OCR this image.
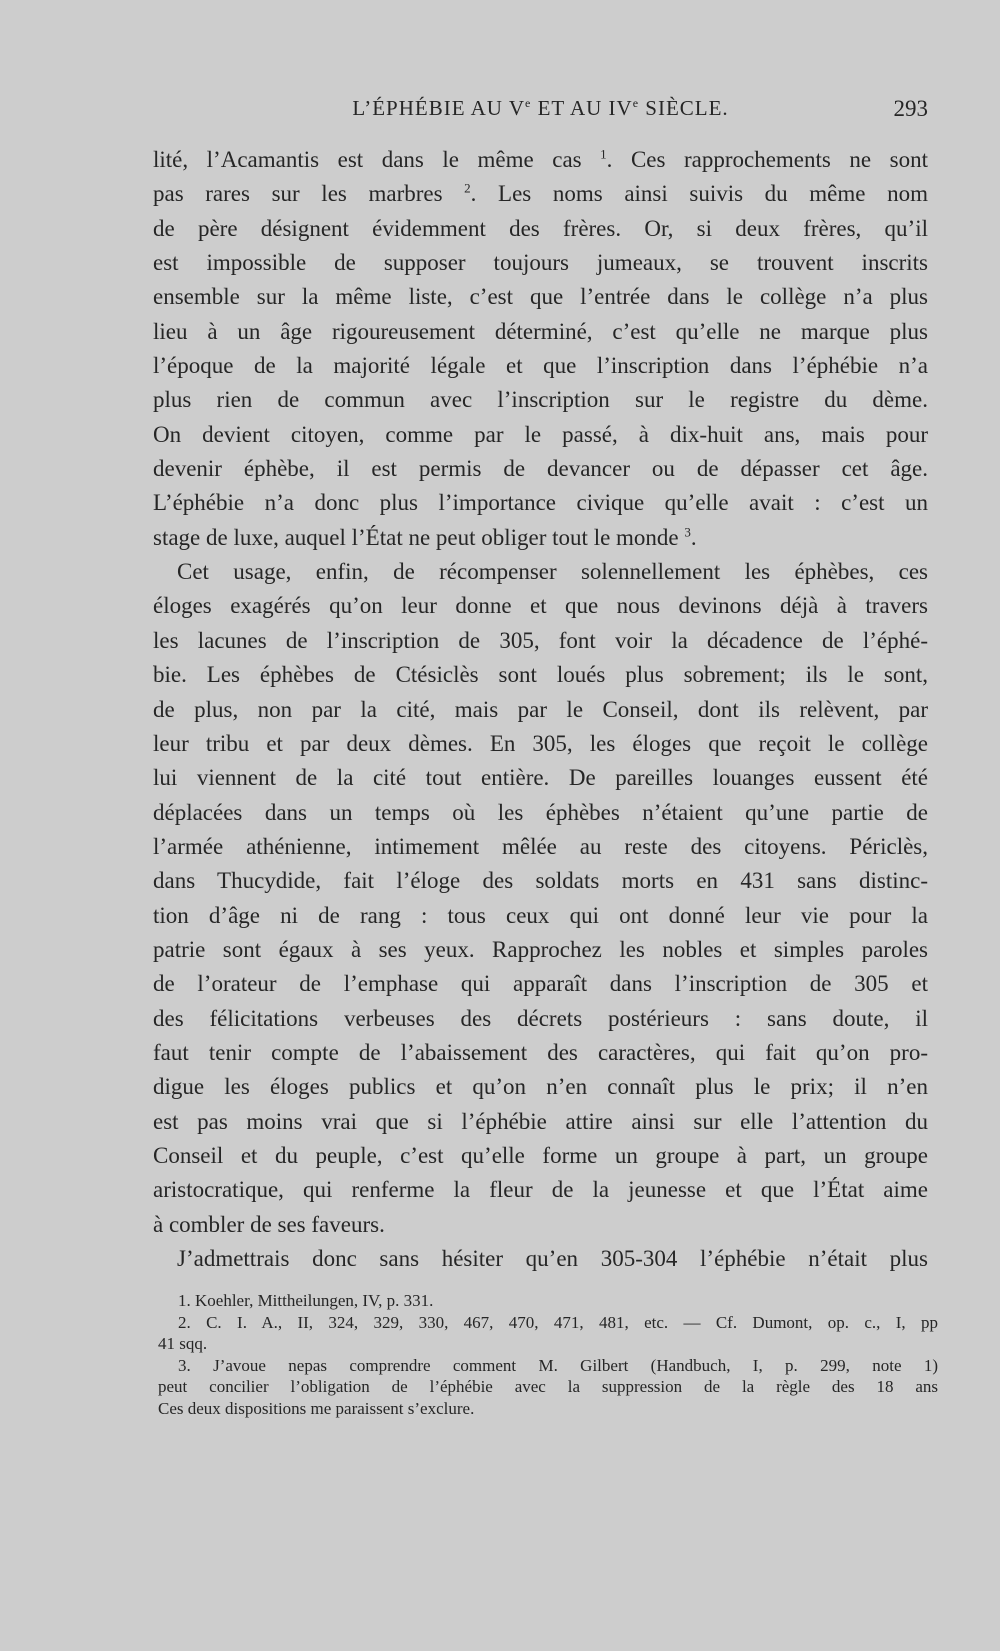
L’ÉPHÉBIE AU Ve ET AU IVe SIÈCLE.	293
lité, l’Acamantis est dans le même cas $^1$. Ces rapprochements ne sont
pas rares sur les marbres $^2$. Les noms ainsi suivis du même nom
de père désignent évidemment des frères. Or, si deux frères, qu’il
est impossible de supposer toujours jumeaux, se trouvent inscrits
ensemble sur la même liste, c’est que l’entrée dans le collège n’a plus
lieu à un âge rigoureusement déterminé, c’est qu’elle ne marque plus
l’époque de la majorité légale et que l’inscription dans l’éphébie n’a
plus rien de commun avec l’inscription sur le registre du dème.
On devient citoyen, comme par le passé, à dix-huit ans, mais pour
devenir éphèbe, il est permis de devancer ou de dépasser cet âge.
L’éphébie n’a donc plus l’importance civique qu’elle avait : c’est un
stage de luxe, auquel l’État ne peut obliger tout le monde $^3$.
Cet usage, enfin, de récompenser solennellement les éphèbes, ces
éloges exagérés qu’on leur donne et que nous devinons déjà à travers
les lacunes de l’inscription de 305, font voir la décadence de l’éphé-
bie. Les éphèbes de Ctésiclès sont loués plus sobrement; ils le sont,
de plus, non par la cité, mais par le Conseil, dont ils relèvent, par
leur tribu et par deux dèmes. En 305, les éloges que reçoit le collège
lui viennent de la cité tout entière. De pareilles louanges eussent été
déplacées dans un temps où les éphèbes n’étaient qu’une partie de
l’armée athénienne, intimement mêlée au reste des citoyens. Périclès,
dans Thucydide, fait l’éloge des soldats morts en 431 sans distinc-
tion d’âge ni de rang : tous ceux qui ont donné leur vie pour la
patrie sont égaux à ses yeux. Rapprochez les nobles et simples paroles
de l’orateur de l’emphase qui apparaît dans l’inscription de 305 et
des félicitations verbeuses des décrets postérieurs : sans doute, il
faut tenir compte de l’abaissement des caractères, qui fait qu’on pro-
digue les éloges publics et qu’on n’en connaît plus le prix; il n’en
est pas moins vrai que si l’éphébie attire ainsi sur elle l’attention du
Conseil et du peuple, c’est qu’elle forme un groupe à part, un groupe
aristocratique, qui renferme la fleur de la jeunesse et que l’État aime
à combler de ses faveurs.
J’admettrais donc sans hésiter qu’en 305-304 l’éphébie n’était plus
1. Koehler, Mittheilungen, IV, p. 331.
2. C. I. A., II, 324, 329, 330, 467, 470, 471, 481, etc. — Cf. Dumont, op. c., I, pp
41 sqq.
3. J’avoue nepas comprendre comment M. Gilbert (Handbuch, I, p. 299, note 1)
peut concilier l’obligation de l’éphébie avec la suppression de la règle des 18 ans
Ces deux dispositions me paraissent s’exclure.
